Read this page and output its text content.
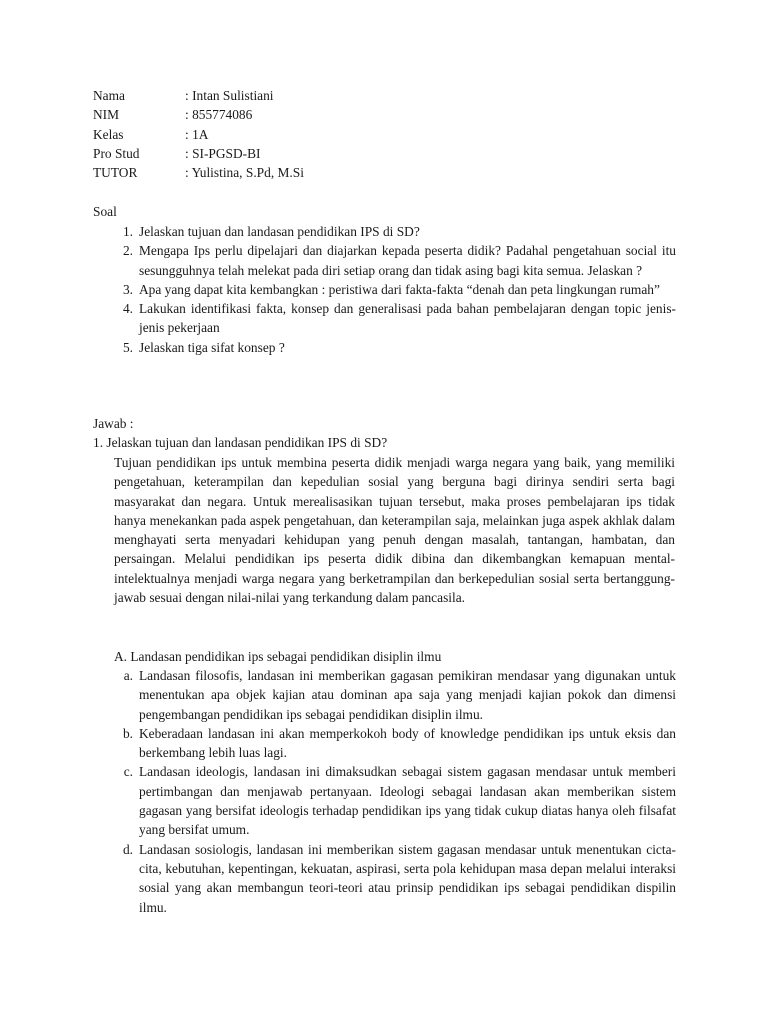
Nama	: Intan Sulistiani
NIM	: 855774086
Kelas	: 1A
Pro Stud	: SI-PGSD-BI
TUTOR	: Yulistina, S.Pd, M.Si
Soal
1. Jelaskan tujuan dan landasan pendidikan IPS di SD?
2. Mengapa Ips perlu dipelajari dan diajarkan kepada peserta didik? Padahal pengetahuan social itu sesungguhnya telah melekat pada diri setiap orang dan tidak asing bagi kita semua. Jelaskan ?
3. Apa yang dapat kita kembangkan : peristiwa dari fakta-fakta “denah dan peta lingkungan rumah”
4. Lakukan identifikasi fakta, konsep dan generalisasi pada bahan pembelajaran dengan topic jenis-jenis pekerjaan
5. Jelaskan tiga sifat konsep ?
Jawab :
1. Jelaskan tujuan dan landasan pendidikan IPS di SD?

Tujuan pendidikan ips untuk membina peserta didik menjadi warga negara yang baik, yang memiliki pengetahuan, keterampilan dan kepedulian sosial yang berguna bagi dirinya sendiri serta bagi masyarakat dan negara. Untuk merealisasikan tujuan tersebut, maka proses pembelajaran ips tidak hanya menekankan pada aspek pengetahuan, dan keterampilan saja, melainkan juga aspek akhlak dalam menghayati serta menyadari kehidupan yang penuh dengan masalah, tantangan, hambatan, dan persaingan. Melalui pendidikan ips peserta didik dibina dan dikembangkan kemapuan mental-intelektualnya menjadi warga negara yang berketrampilan dan berkepedulian sosial serta bertanggung-jawab sesuai dengan nilai-nilai yang terkandung dalam pancasila.

A. Landasan pendidikan ips sebagai pendidikan disiplin ilmu
a. Landasan filosofis, landasan ini memberikan gagasan pemikiran mendasar yang digunakan untuk menentukan apa objek kajian atau dominan apa saja yang menjadi kajian pokok dan dimensi pengembangan pendidikan ips sebagai pendidikan disiplin ilmu.
b. Keberadaan landasan ini akan memperkokoh body of knowledge pendidikan ips untuk eksis dan berkembang lebih luas lagi.
c. Landasan ideologis, landasan ini dimaksudkan sebagai sistem gagasan mendasar untuk memberi pertimbangan dan menjawab pertanyaan. Ideologi sebagai landasan akan memberikan sistem gagasan yang bersifat ideologis terhadap pendidikan ips yang tidak cukup diatas hanya oleh filsafat yang bersifat umum.
d. Landasan sosiologis, landasan ini memberikan sistem gagasan mendasar untuk menentukan cicta-cita, kebutuhan, kepentingan, kekuatan, aspirasi, serta pola kehidupan masa depan melalui interaksi sosial yang akan membangun teori-teori atau prinsip pendidikan ips sebagai pendidikan dispilin ilmu.
